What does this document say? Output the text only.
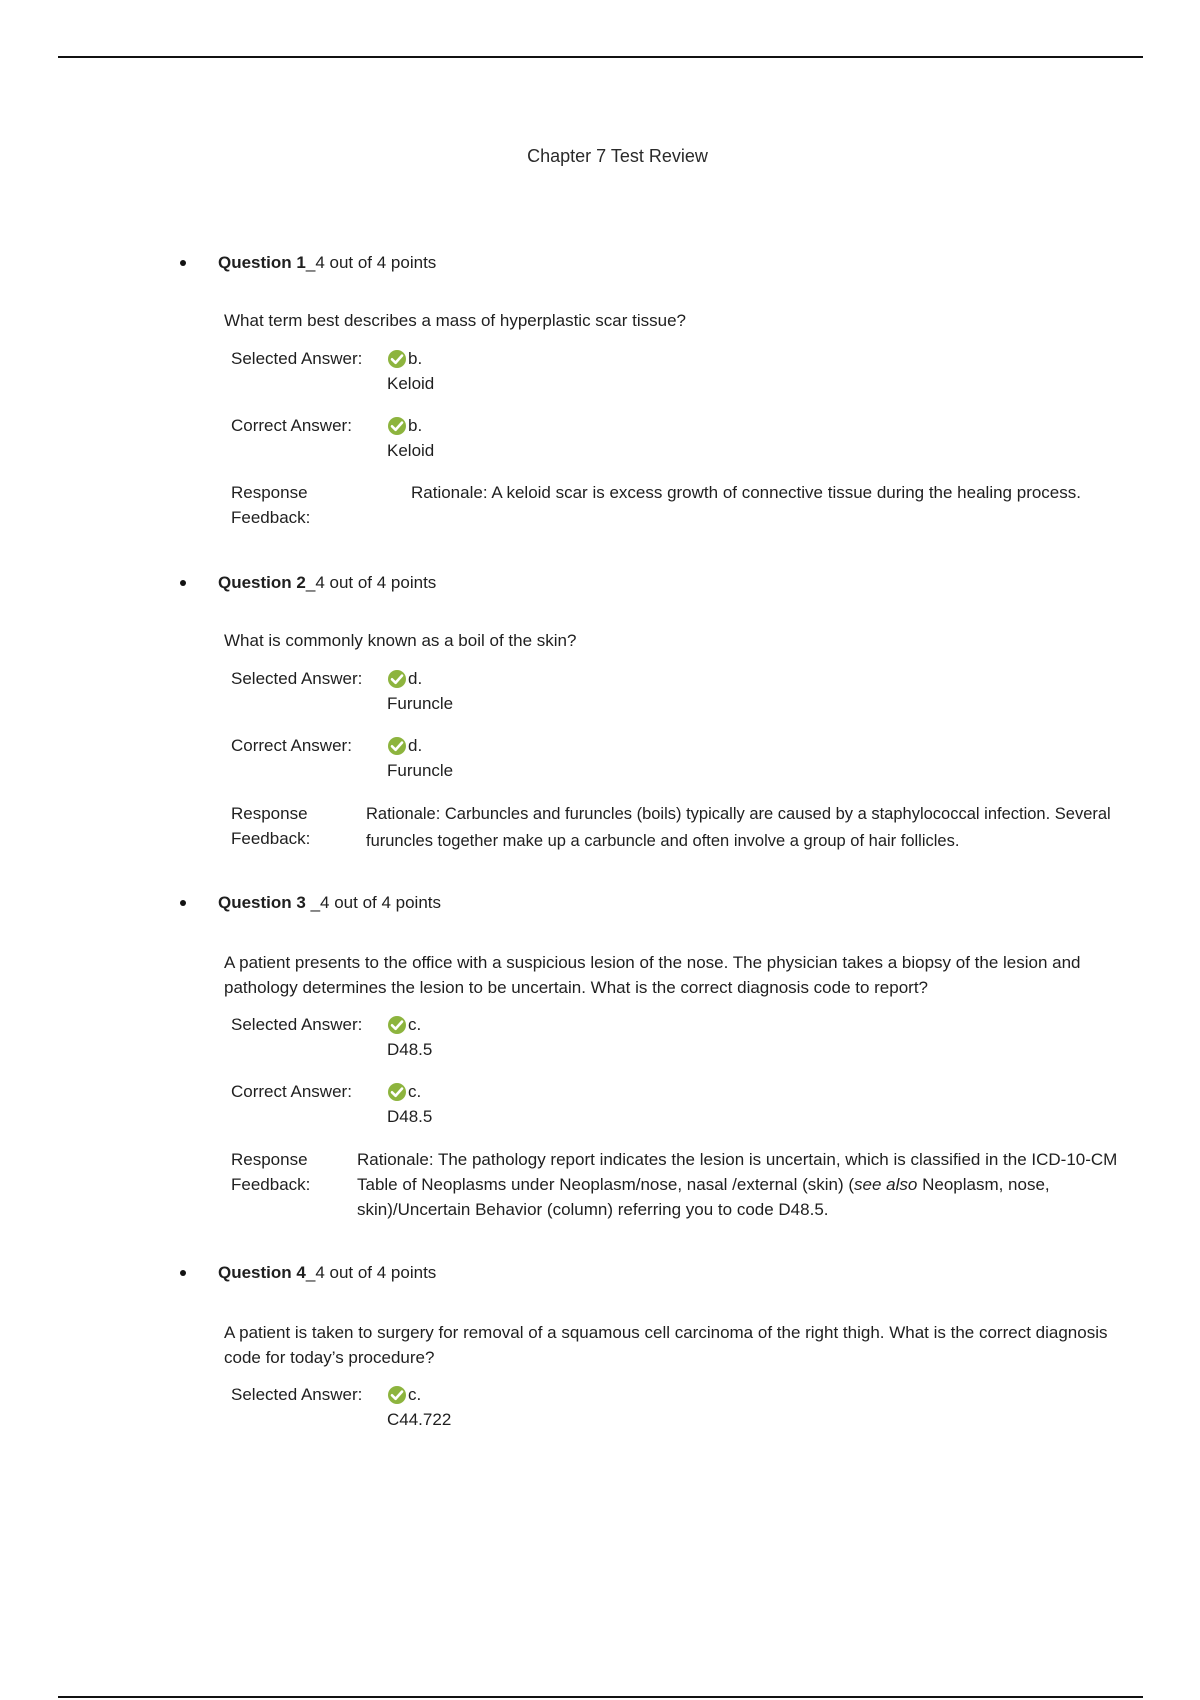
Chapter 7 Test Review
Question 1_4 out of 4 points
What term best describes a mass of hyperplastic scar tissue?
Selected Answer:	b.
Keloid
Correct Answer:	b.
Keloid
Response
Feedback:
Rationale: A keloid scar is excess growth of connective tissue during the healing process.
Question 2_4 out of 4 points
What is commonly known as a boil of the skin?
Selected Answer:	d.
Furuncle
Correct Answer:	d.
Furuncle
Response
Feedback:
Rationale: Carbuncles and furuncles (boils) typically are caused by a staphylococcal infection. Several furuncles together make up a carbuncle and often involve a group of hair follicles.
Question 3 _4 out of 4 points
A patient presents to the office with a suspicious lesion of the nose. The physician takes a biopsy of the lesion and pathology determines the lesion to be uncertain. What is the correct diagnosis code to report?
Selected Answer:	c.
D48.5
Correct Answer:	c.
D48.5
Response
Feedback:
Rationale: The pathology report indicates the lesion is uncertain, which is classified in the ICD-10-CM Table of Neoplasms under Neoplasm/nose, nasal /external (skin) (see also Neoplasm, nose, skin)/Uncertain Behavior (column) referring you to code D48.5.
Question 4_4 out of 4 points
A patient is taken to surgery for removal of a squamous cell carcinoma of the right thigh. What is the correct diagnosis code for today’s procedure?
Selected Answer:	c.
C44.722
